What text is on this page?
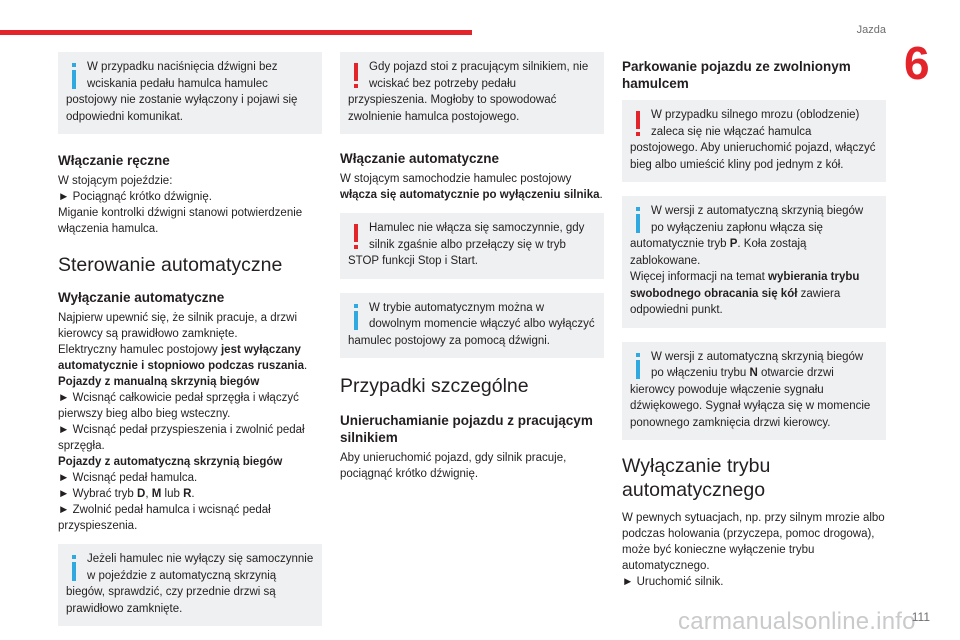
Jazda
6

W przypadku naciśnięcia dźwigni bez wciskania pedału hamulca hamulec postojowy nie zostanie wyłączony i pojawi się odpowiedni komunikat.

Włączanie ręczne
W stojącym pojeździe:
► Pociągnąć krótko dźwignię.
Miganie kontrolki dźwigni stanowi potwierdzenie włączenia hamulca.
Sterowanie automatyczne
Wyłączanie automatyczne
Najpierw upewnić się, że silnik pracuje, a drzwi kierowcy są prawidłowo zamknięte.
Elektryczny hamulec postojowy jest wyłączany automatycznie i stopniowo podczas ruszania.
Pojazdy z manualną skrzynią biegów
► Wcisnąć całkowicie pedał sprzęgła i włączyć pierwszy bieg albo bieg wsteczny.
► Wcisnąć pedał przyspieszenia i zwolnić pedał sprzęgła.
Pojazdy z automatyczną skrzynią biegów
► Wcisnąć pedał hamulca.
► Wybrać tryb D, M lub R.
► Zwolnić pedał hamulca i wcisnąć pedał przyspieszenia.

Jeżeli hamulec nie wyłączy się samoczynnie w pojeździe z automatyczną skrzynią biegów, sprawdzić, czy przednie drzwi są prawidłowo zamknięte.

Gdy pojazd stoi z pracującym silnikiem, nie wciskać bez potrzeby pedału przyspieszenia. Mogłoby to spowodować zwolnienie hamulca postojowego.

Włączanie automatyczne
W stojącym samochodzie hamulec postojowy włącza się automatycznie po wyłączeniu silnika.

Hamulec nie włącza się samoczynnie, gdy silnik zgaśnie albo przełączy się w tryb STOP funkcji Stop i Start.

W trybie automatycznym można w dowolnym momencie włączyć albo wyłączyć hamulec postojowy za pomocą dźwigni.

Przypadki szczególne
Unieruchamianie pojazdu z pracującym silnikiem
Aby unieruchomić pojazd, gdy silnik pracuje, pociągnąć krótko dźwignię.
Parkowanie pojazdu ze zwolnionym hamulcem

W przypadku silnego mrozu (oblodzenie) zaleca się nie włączać hamulca postojowego. Aby unieruchomić pojazd, włączyć bieg albo umieścić kliny pod jednym z kół.

W wersji z automatyczną skrzynią biegów po wyłączeniu zapłonu włącza się automatycznie tryb P. Koła zostają zablokowane.
Więcej informacji na temat wybierania trybu swobodnego obracania się kół zawiera odpowiedni punkt.

W wersji z automatyczną skrzynią biegów po włączeniu trybu N otwarcie drzwi kierowcy powoduje włączenie sygnału dźwiękowego. Sygnał wyłącza się w momencie ponownego zamknięcia drzwi kierowcy.

Wyłączanie trybu automatycznego
W pewnych sytuacjach, np. przy silnym mrozie albo podczas holowania (przyczepa, pomoc drogowa), może być konieczne wyłączenie trybu automatycznego.
► Uruchomić silnik.
carmanualsonline.info
111
